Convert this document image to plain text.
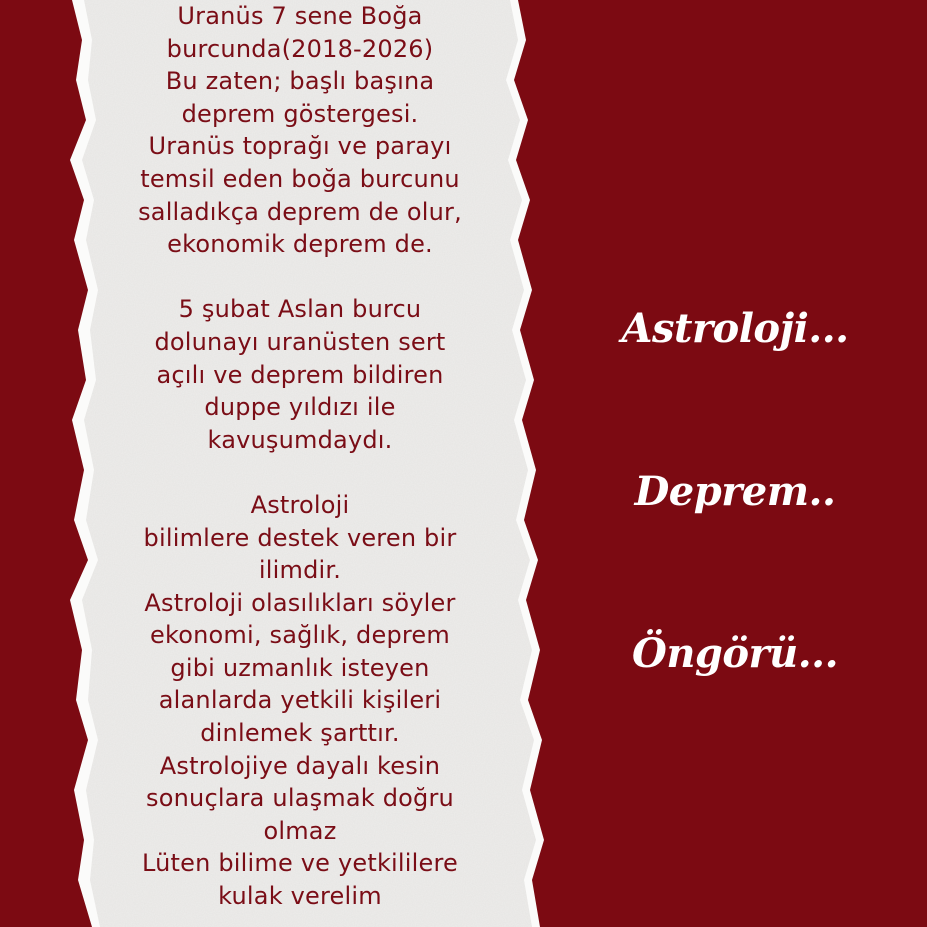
Uranüs 7 sene Boğa
burcunda(2018-2026)
Bu zaten; başlı başına
deprem göstergesi.
Uranüs toprağı ve parayı
temsil eden boğa burcunu
salladıkça deprem de olur,
ekonomik deprem de.
5 şubat Aslan burcu
dolunayı uranüsten sert
açılı ve deprem bildiren
duppe yıldızı ile
kavuşumdaydı.
Astroloji
bilimlere destek veren bir
ilimdir.
Astroloji olasılıkları söyler
ekonomi, sağlık, deprem
gibi uzmanlık isteyen
alanlarda yetkili kişileri
dinlemek şarttır.
Astrolojiye dayalı kesin
sonuçlara ulaşmak doğru
olmaz
Lüten bilime ve yetkililere
kulak verelim
Astroloji...
Deprem..
Öngörü...
